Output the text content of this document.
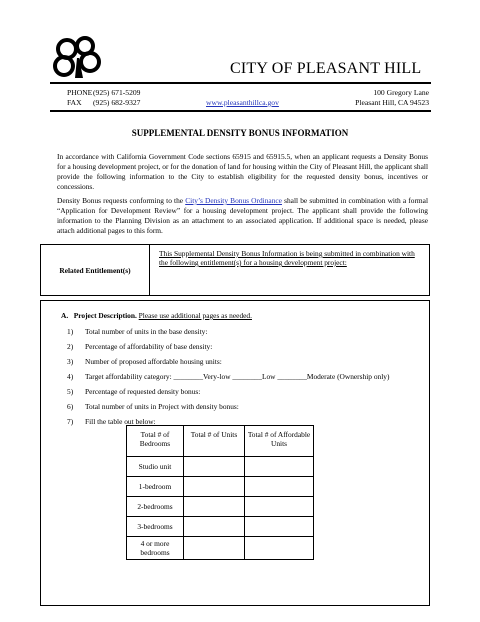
CITY OF PLEASANT HILL
PHONE (925) 671-5209
FAX (925) 682-9327	www.pleasanthillca.gov
100 Gregory Lane
Pleasant Hill, CA 94523
SUPPLEMENTAL DENSITY BONUS INFORMATION
In accordance with California Government Code sections 65915 and 65915.5, when an applicant requests a Density Bonus for a housing development project, or for the donation of land for housing within the City of Pleasant Hill, the applicant shall provide the following information to the City to establish eligibility for the requested density bonus, incentives or concessions.
Density Bonus requests conforming to the City’s Density Bonus Ordinance shall be submitted in combination with a formal “Application for Development Review” for a housing development project. The applicant shall provide the following information to the Planning Division as an attachment to an associated application. If additional space is needed, please attach additional pages to this form.
Related Entitlement(s)
This Supplemental Density Bonus Information is being submitted in combination with the following entitlement(s) for a housing development project:
A. Project Description. Please use additional pages as needed.
1) Total number of units in the base density:
2) Percentage of affordability of base density:
3) Number of proposed affordable housing units:
4) Target affordability category: ________Very-low ________Low ________Moderate (Ownership only)
5) Percentage of requested density bonus:
6) Total number of units in Project with density bonus:
7) Fill the table out below:
Total # of Bedrooms	Total # of Units	Total # of Affordable Units
Studio unit		
1-bedroom		
2-bedrooms		
3-bedrooms		
4 or more bedrooms		
